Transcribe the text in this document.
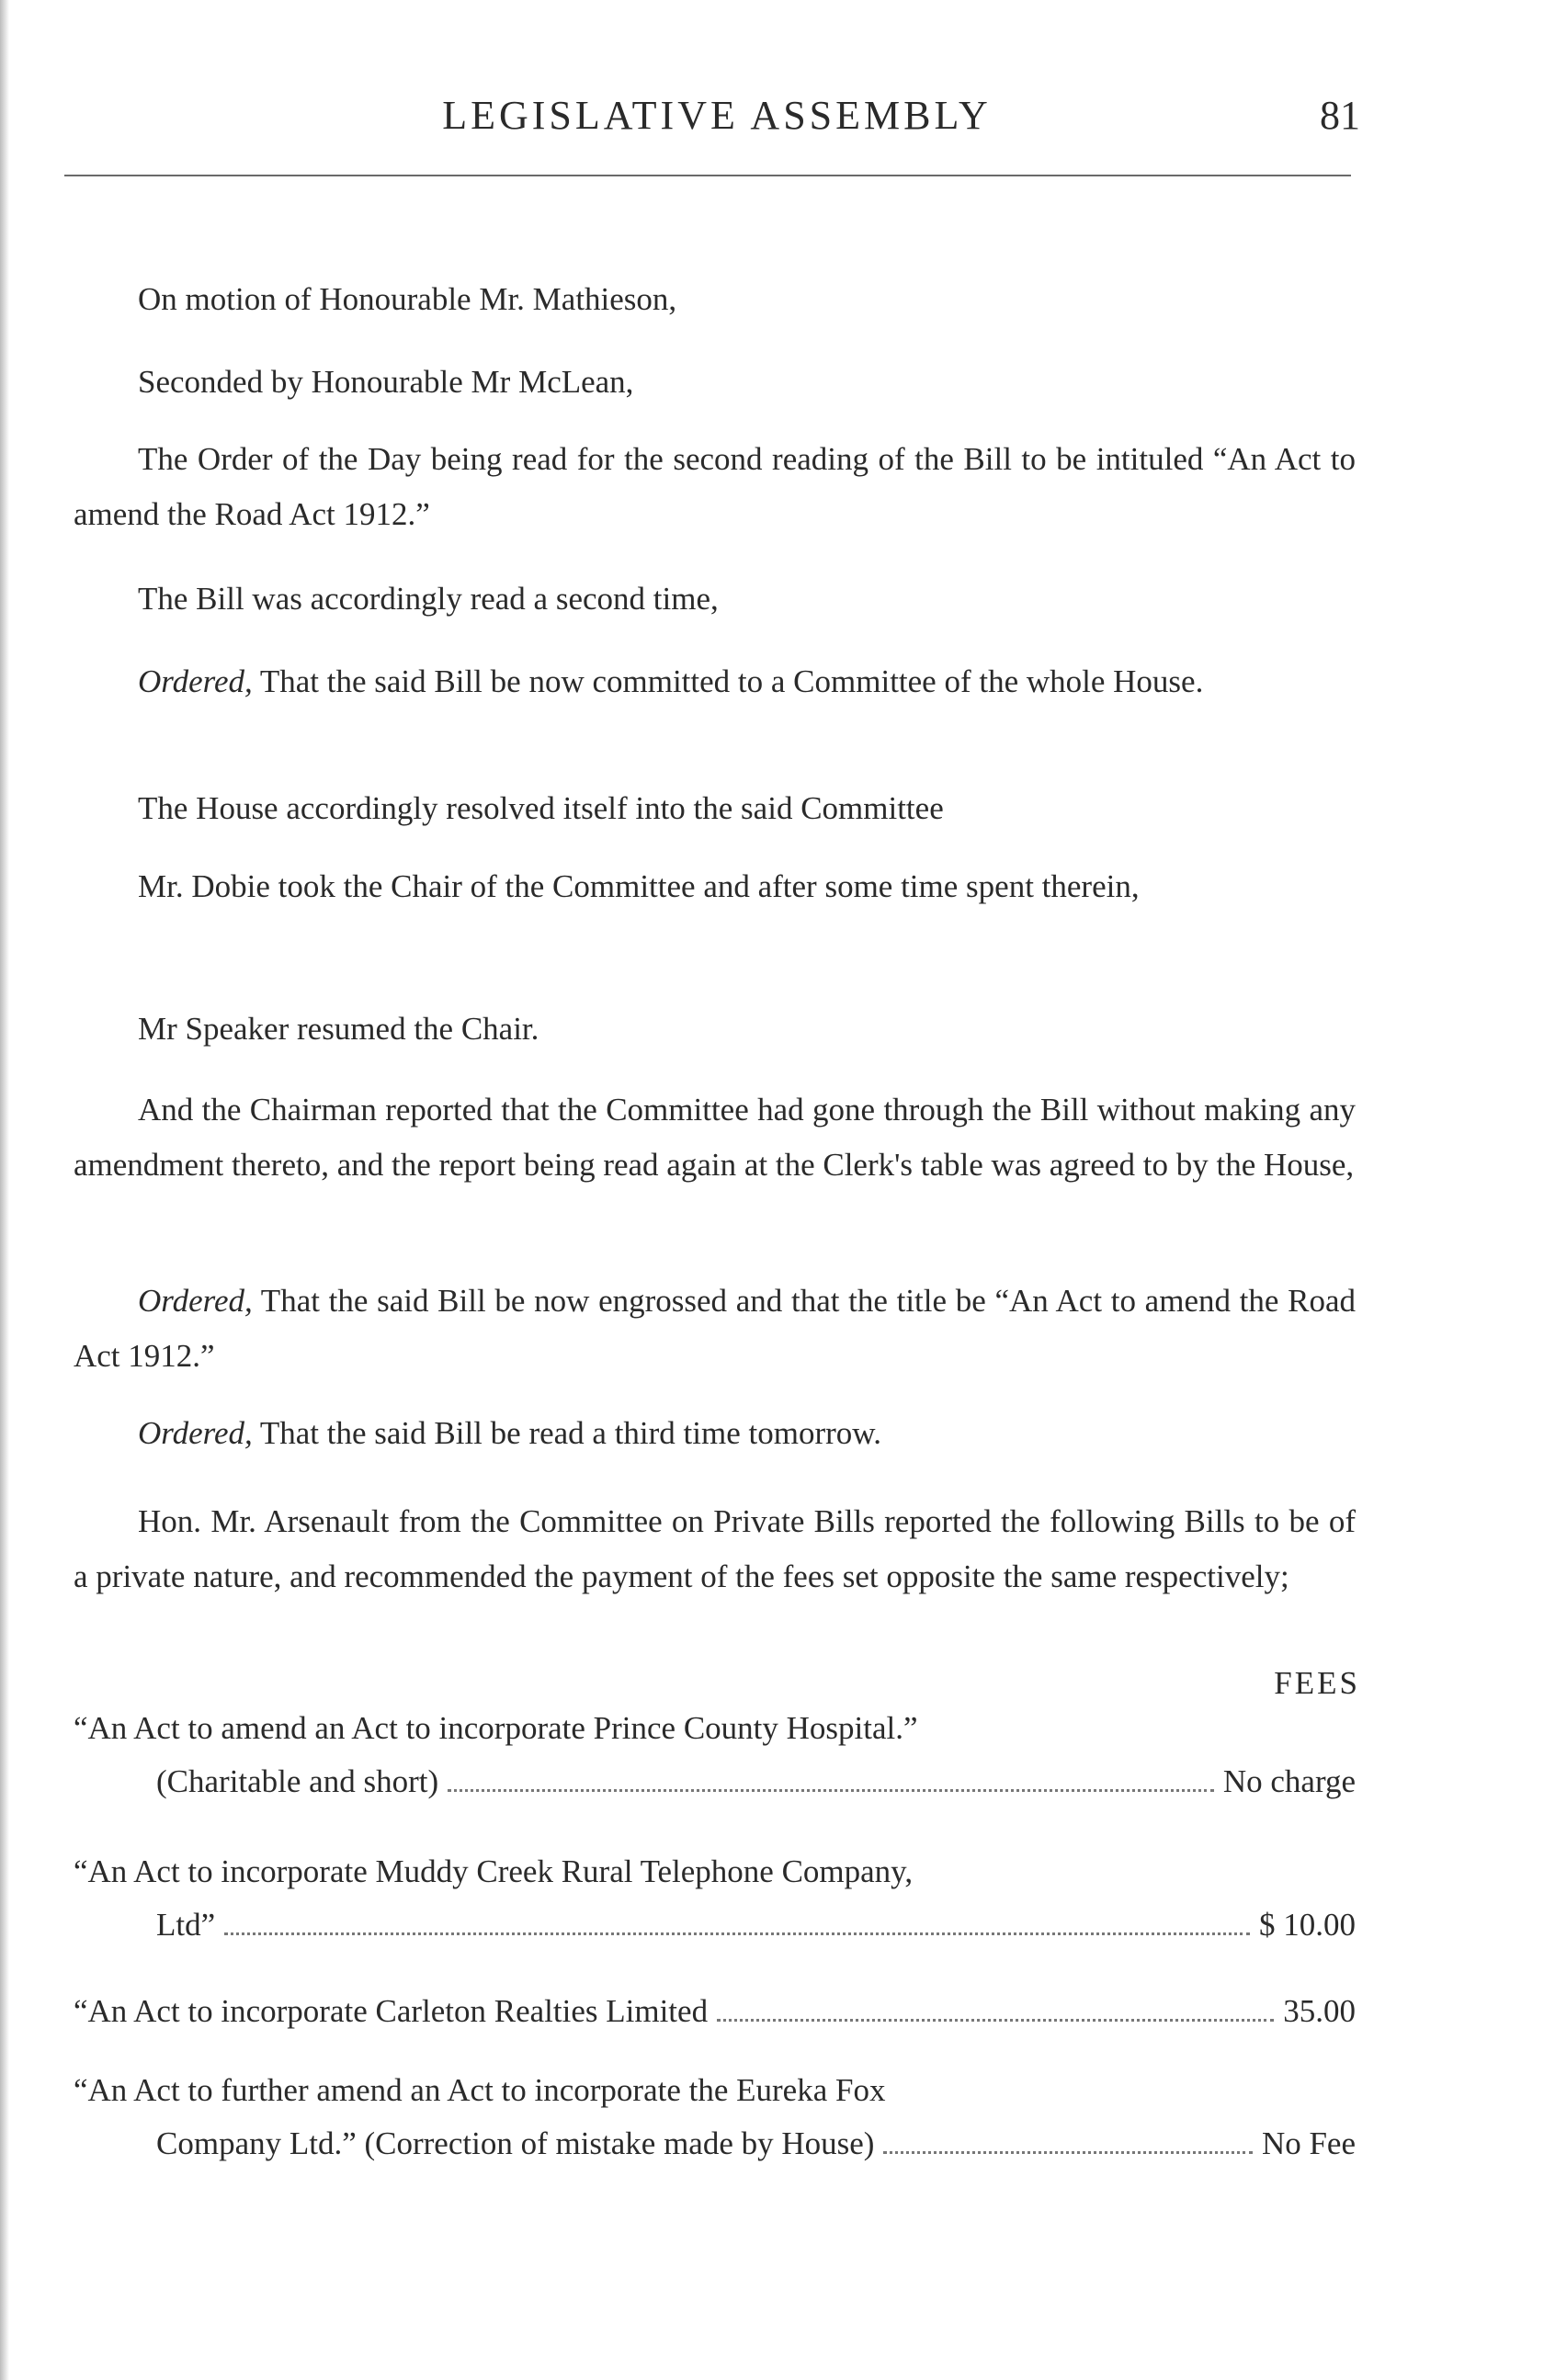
LEGISLATIVE ASSEMBLY	81
On motion of Honourable Mr. Mathieson,
Seconded by Honourable Mr McLean,
The Order of the Day being read for the second reading of the Bill to be intituled “An Act to amend the Road Act 1912.”
The Bill was accordingly read a second time,
Ordered, That the said Bill be now committed to a Committee of the whole House.
The House accordingly resolved itself into the said Committee
Mr. Dobie took the Chair of the Committee and after some time spent therein,
Mr Speaker resumed the Chair.
And the Chairman reported that the Committee had gone through the Bill without making any amendment thereto, and the report being read again at the Clerk's table was agreed to by the House,
Ordered, That the said Bill be now engrossed and that the title be “An Act to amend the Road Act 1912.”
Ordered, That the said Bill be read a third time tomorrow.
Hon. Mr. Arsenault from the Committee on Private Bills reported the following Bills to be of a private nature, and recommended the payment of the fees set opposite the same respectively;
FEES
“An Act to amend an Act to incorporate Prince County Hospital.”
(Charitable and short)	No charge
“An Act to incorporate Muddy Creek Rural Telephone Company,
Ltd”	$ 10.00
“An Act to incorporate Carleton Realties Limited	35.00
“An Act to further amend an Act to incorporate the Eureka Fox
Company Ltd.” (Correction of mistake made by House)	No Fee
